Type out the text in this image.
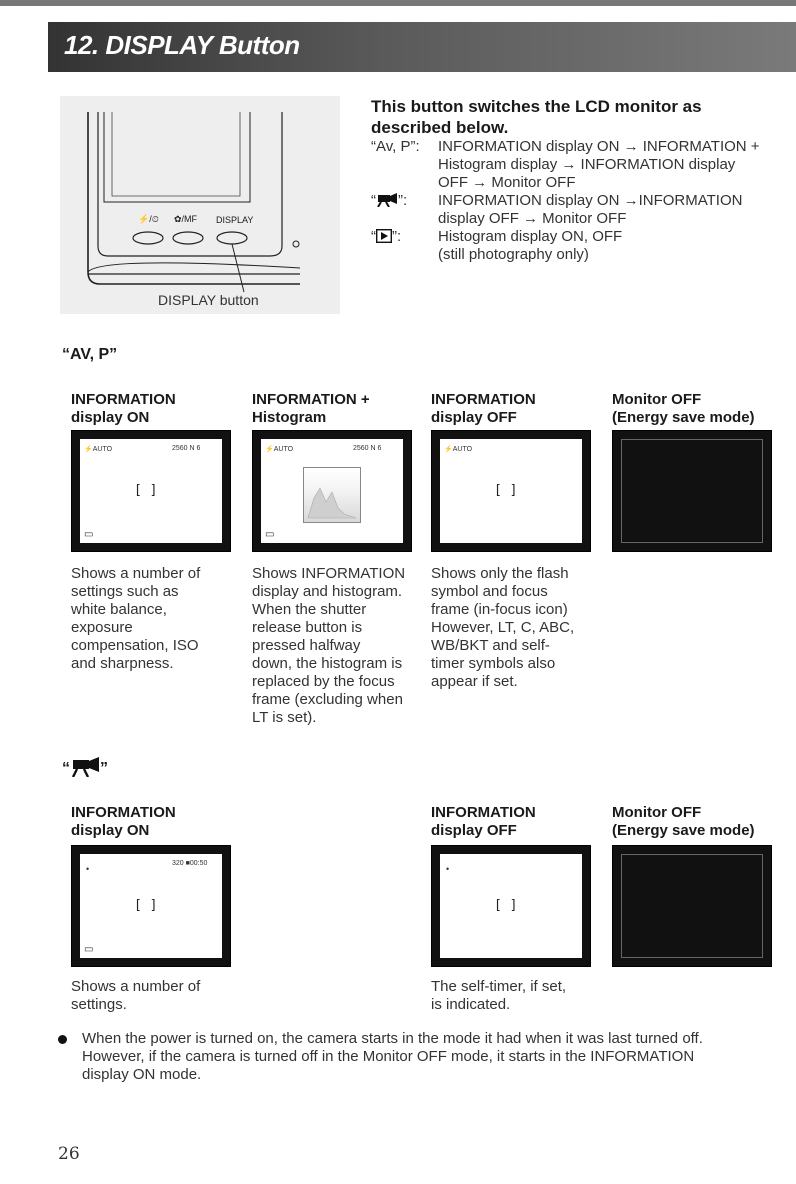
12. DISPLAY Button
⚡/⏲ ✿/MF DISPLAY
DISPLAY button
This button switches the LCD monitor as
described below.
“Av, P”: INFORMATION display ON → INFORMATION +
Histogram display → INFORMATION display
OFF → Monitor OFF
“ ”: INFORMATION display ON →INFORMATION
display OFF → Monitor OFF
“ ”: Histogram display ON, OFF
(still photography only)
“AV, P”
INFORMATION
display ON
INFORMATION +
Histogram
INFORMATION
display OFF
Monitor OFF
(Energy save mode)
⚡AUTO	2560 N 6
[ ]
▭
⚡AUTO	2560 N 6
▭
⚡AUTO
[ ]
Shows a number of
settings such as
white balance,
exposure
compensation, ISO
and sharpness.
Shows INFORMATION
display and histogram.
When the shutter
release button is
pressed halfway
down, the histogram is
replaced by the focus
frame (excluding when
LT is set).
Shows only the flash
symbol and focus
frame (in-focus icon)
However, LT, C, ABC,
WB/BKT and self-
timer symbols also
appear if set.
“ ”
INFORMATION
display ON
INFORMATION
display OFF
Monitor OFF
(Energy save mode)
•
320 ■00:50
[ ]
▭
•
[ ]
Shows a number of
settings.
The self-timer, if set,
is indicated.
When the power is turned on, the camera starts in the mode it had when it was last turned off.
However, if the camera is turned off in the Monitor OFF mode, it starts in the INFORMATION
display ON mode.
26
